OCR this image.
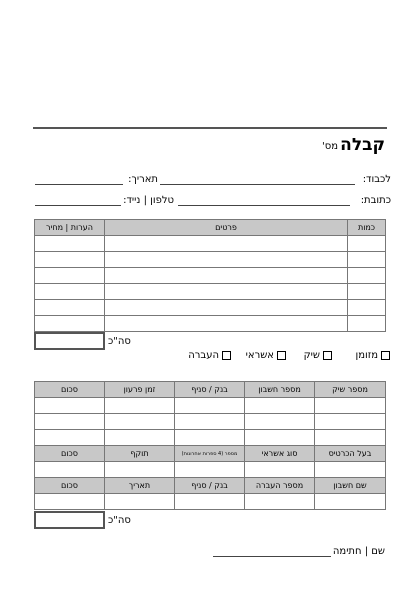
קבלה
מס'
לכבוד:
תאריך:
כתובת:
טלפון | נייד:
כמות	פרטים	הערות | מחיר

סה"כ
מזומן
שיק
אשראי
העברה
מספר שיק	מספר חשבון	בנק / סניף	זמן פרעון	סכום

בעל הכרטיס	סוג אשראי	מספר (4 ספרות אחרונות)	תוקף	סכום

שם חשבון	מספר העברה	בנק / סניף	תאריך	סכום

סה"כ
שם | חתימה
